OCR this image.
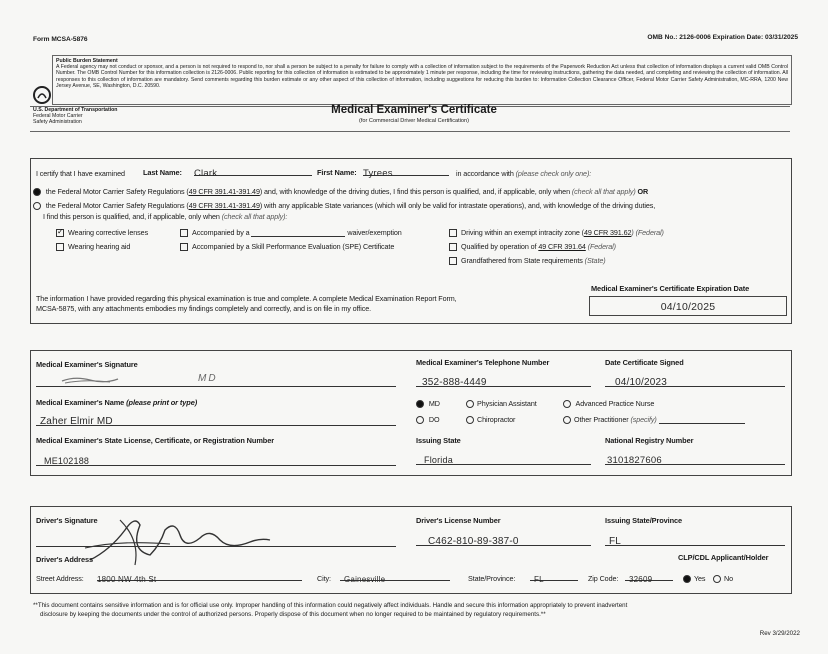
Form MCSA-5876	OMB No.: 2126-0006 Expiration Date: 03/31/2025
Public Burden Statement
A Federal agency may not conduct or sponsor, and a person is not required to respond to, nor shall a person be subject to a penalty for failure to comply with a collection of information subject to the requirements of the Paperwork Reduction Act unless that collection of information displays a current valid OMB Control Number. The OMB Control Number for this information collection is 2126-0006. Public reporting for this collection of information is estimated to be approximately 1 minute per response, including the time for reviewing instructions, gathering the data needed, and completing and reviewing the collection of information. All responses to this collection of information are mandatory. Send comments regarding this burden estimate or any other aspect of this collection of information, including suggestions for reducing this burden to: Information Collection Clearance Officer, Federal Motor Carrier Safety Administration, MC-RRA, 1200 New Jersey Avenue, SE, Washington, D.C. 20590.
U.S. Department of Transportation
Federal Motor Carrier
Safety Administration
Medical Examiner's Certificate
(for Commercial Driver Medical Certification)
I certify that I have examined Last Name: Clark	First Name: Tyrees	in accordance with (please check only one):
the Federal Motor Carrier Safety Regulations (49 CFR 391.41-391.49) and, with knowledge of the driving duties, I find this person is qualified, and, if applicable, only when (check all that apply) OR
the Federal Motor Carrier Safety Regulations (49 CFR 391.41-391.49) with any applicable State variances (which will only be valid for intrastate operations), and, with knowledge of the driving duties,
I find this person is qualified, and, if applicable, only when (check all that apply):
✓ Wearing corrective lenses
Wearing hearing aid
Accompanied by a	waiver/exemption
Accompanied by a Skill Performance Evaluation (SPE) Certificate
Driving within an exempt intracity zone (49 CFR 391.62) (Federal)
Qualified by operation of 49 CFR 391.64 (Federal)
Grandfathered from State requirements (State)
The information I have provided regarding this physical examination is true and complete. A complete Medical Examination Report Form,
MCSA-5875, with any attachments embodies my findings completely and correctly, and is on file in my office.
Medical Examiner's Certificate Expiration Date
04/10/2025
Medical Examiner's Signature
MD
Medical Examiner's Telephone Number
352-888-4449
Date Certificate Signed
04/10/2023
Medical Examiner's Name (please print or type)
Zaher Elmir MD
MD	Physician Assistant	Advanced Practice Nurse
DO	Chiropractor	Other Practitioner (specify)
Medical Examiner's State License, Certificate, or Registration Number
ME102188
Issuing State
Florida
National Registry Number
3101827606
Driver's Signature	Driver's License Number
C462-810-89-387-0
Issuing State/Province
FL
Driver's Address	CLP/CDL Applicant/Holder
Street Address: 1800 NW 4th St	City:	Gainesville	State/Province:	FL	Zip Code:	32609	Yes	No
**This document contains sensitive information and is for official use only. Improper handling of this information could negatively affect individuals. Handle and secure this information appropriately to prevent inadvertent
disclosure by keeping the documents under the control of authorized persons. Properly dispose of this document when no longer required to be maintained by regulatory requirements.**
Rev 3/29/2022
